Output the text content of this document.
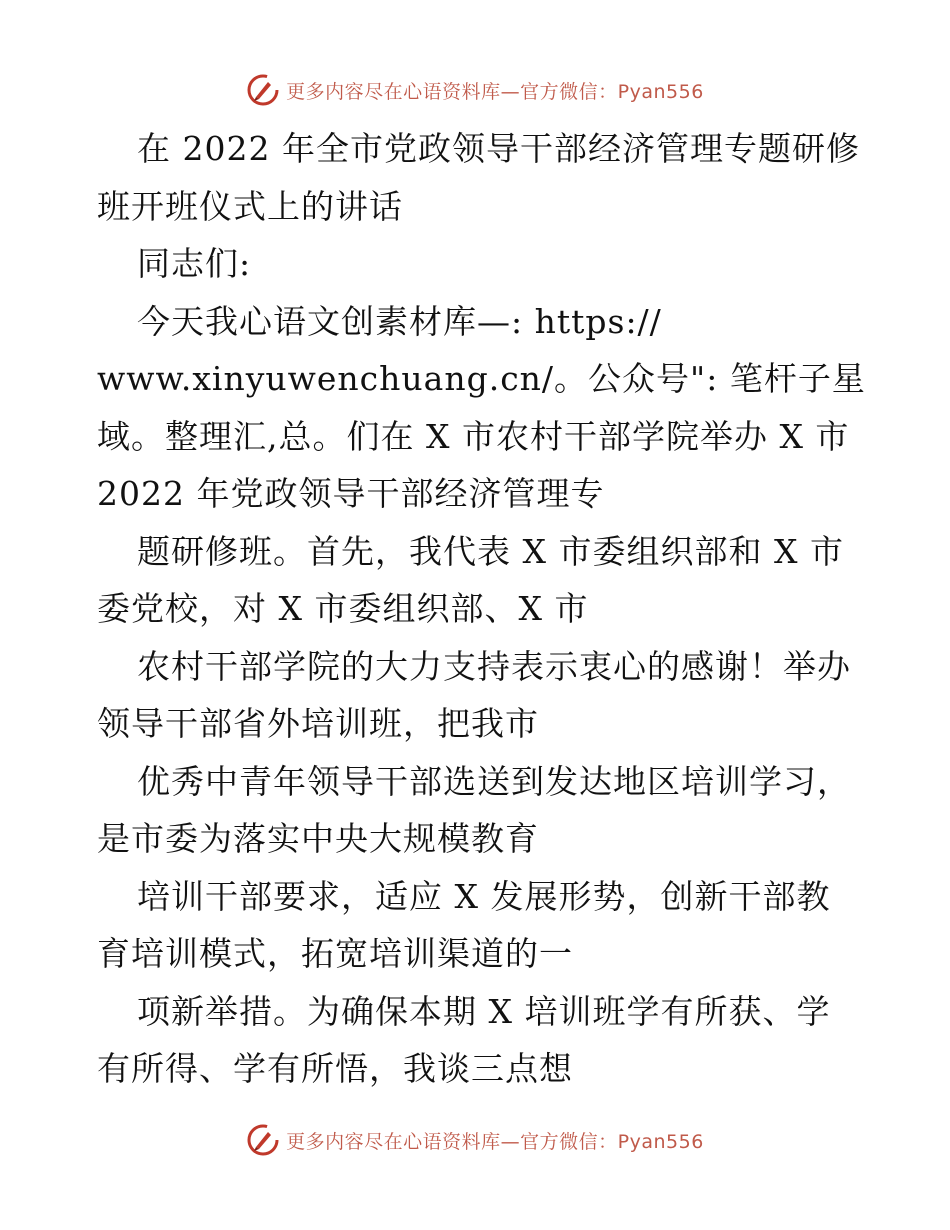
更多内容尽在心语资料库—官方微信：Pyan556
在 2022 年全市党政领导干部经济管理专题研修
班开班仪式上的讲话
同志们:
今天我心语文创素材库—: https://
www.xinyuwenchuang.cn/。公众号": 笔杆子星
域。整理汇,总。们在 X 市农村干部学院举办 X 市
2022 年党政领导干部经济管理专
题研修班。首先，我代表 X 市委组织部和 X 市
委党校，对 X 市委组织部、X 市
农村干部学院的大力支持表示衷心的感谢！举办
领导干部省外培训班，把我市
优秀中青年领导干部选送到发达地区培训学习，
是市委为落实中央大规模教育
培训干部要求，适应 X 发展形势，创新干部教
育培训模式，拓宽培训渠道的一
项新举措。为确保本期 X 培训班学有所获、学
有所得、学有所悟，我谈三点想
更多内容尽在心语资料库—官方微信：Pyan556
